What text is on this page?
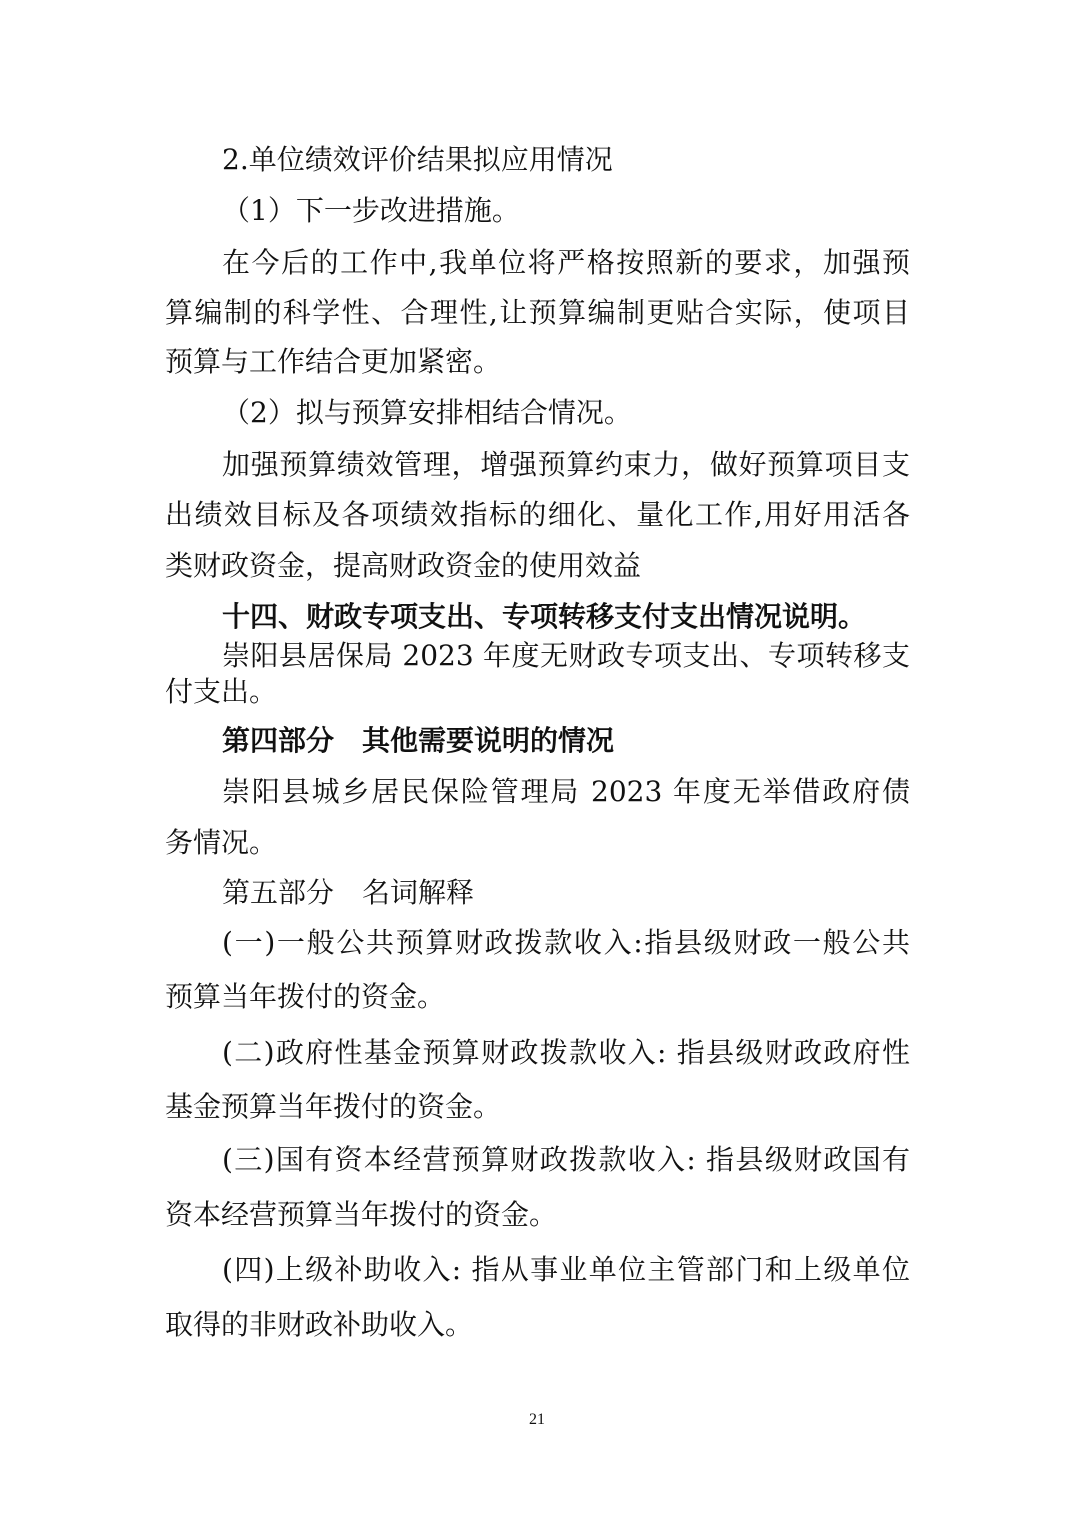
2.单位绩效评价结果拟应用情况
（1）下一步改进措施。
在今后的工作中,我单位将严格按照新的要求，加强预
算编制的科学性、合理性,让预算编制更贴合实际，使项目
预算与工作结合更加紧密。
（2）拟与预算安排相结合情况。
加强预算绩效管理，增强预算约束力，做好预算项目支
出绩效目标及各项绩效指标的细化、量化工作,用好用活各
类财政资金，提高财政资金的使用效益
十四、财政专项支出、专项转移支付支出情况说明。
崇阳县居保局 2023 年度无财政专项支出、专项转移支
付支出。
第四部分　其他需要说明的情况
崇阳县城乡居民保险管理局 2023 年度无举借政府债
务情况。
第五部分　名词解释
(一)一般公共预算财政拨款收入:指县级财政一般公共
预算当年拨付的资金。
(二)政府性基金预算财政拨款收入: 指县级财政政府性
基金预算当年拨付的资金。
(三)国有资本经营预算财政拨款收入: 指县级财政国有
资本经营预算当年拨付的资金。
(四)上级补助收入: 指从事业单位主管部门和上级单位
取得的非财政补助收入。
21
